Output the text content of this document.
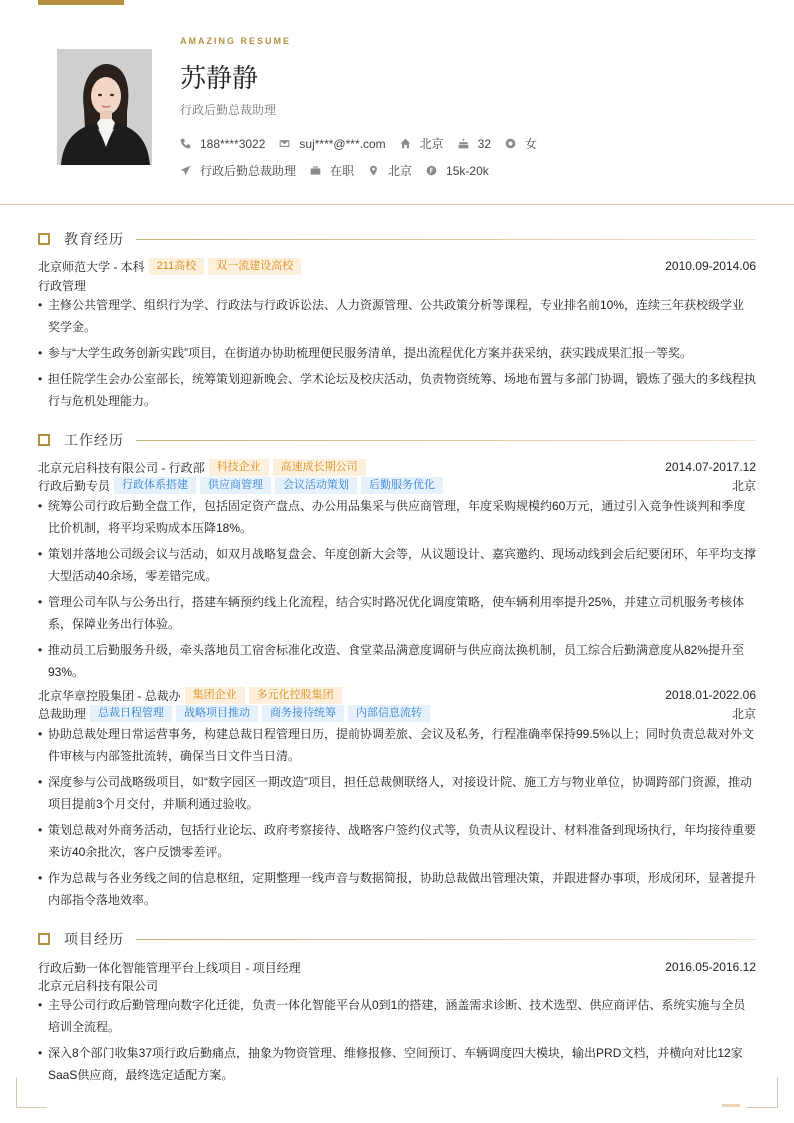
AMAZING RESUME
苏静静
行政后勤总裁助理
188****3022	suj****@***.com	北京	32	女
行政后勤总裁助理	在职	北京	15k-20k
教育经历
北京师范大学 - 本科	211高校	双一流建设高校	2010.09-2014.06
行政管理
• 主修公共管理学、组织行为学、行政法与行政诉讼法、人力资源管理、公共政策分析等课程，专业排名前10%，连续三年获校级学业奖学金。
• 参与“大学生政务创新实践”项目，在街道办协助梳理便民服务清单，提出流程优化方案并获采纳，获实践成果汇报一等奖。
• 担任院学生会办公室部长，统筹策划迎新晚会、学术论坛及校庆活动，负责物资统筹、场地布置与多部门协调，锻炼了强大的多线程执行与危机处理能力。
工作经历
北京元启科技有限公司 - 行政部	科技企业	高速成长期公司	2014.07-2017.12
行政后勤专员	行政体系搭建	供应商管理	会议活动策划	后勤服务优化	北京
• 统筹公司行政后勤全盘工作，包括固定资产盘点、办公用品集采与供应商管理，年度采购规模约60万元，通过引入竞争性谈判和季度比价机制，将平均采购成本压降18%。
• 策划并落地公司级会议与活动，如双月战略复盘会、年度创新大会等，从议题设计、嘉宾邀约、现场动线到会后纪要闭环，年平均支撑大型活动40余场，零差错完成。
• 管理公司车队与公务出行，搭建车辆预约线上化流程，结合实时路况优化调度策略，使车辆利用率提升25%，并建立司机服务考核体系，保障业务出行体验。
• 推动员工后勤服务升级，牵头落地员工宿舍标准化改造、食堂菜品满意度调研与供应商汰换机制，员工综合后勤满意度从82%提升至93%。
北京华章控股集团 - 总裁办	集团企业	多元化控股集团	2018.01-2022.06
总裁助理	总裁日程管理	战略项目推动	商务接待统筹	内部信息流转	北京
• 协助总裁处理日常运营事务，构建总裁日程管理日历，提前协调差旅、会议及私务，行程准确率保持99.5%以上；同时负责总裁对外文件审核与内部签批流转，确保当日文件当日清。
• 深度参与公司战略级项目，如“数字园区一期改造”项目，担任总裁侧联络人，对接设计院、施工方与物业单位，协调跨部门资源，推动项目提前3个月交付，并顺利通过验收。
• 策划总裁对外商务活动，包括行业论坛、政府考察接待、战略客户签约仪式等，负责从议程设计、材料准备到现场执行，年均接待重要来访40余批次，客户反馈零差评。
• 作为总裁与各业务线之间的信息枢纽，定期整理一线声音与数据简报，协助总裁做出管理决策，并跟进督办事项，形成闭环，显著提升内部指令落地效率。
项目经历
行政后勤一体化智能管理平台上线项目 - 项目经理	2016.05-2016.12
北京元启科技有限公司
• 主导公司行政后勤管理向数字化迁徙，负责一体化智能平台从0到1的搭建，涵盖需求诊断、技术选型、供应商评估、系统实施与全员培训全流程。
• 深入8个部门收集37项行政后勤痛点，抽象为物资管理、维修报修、空间预订、车辆调度四大模块，输出PRD文档，并横向对比12家SaaS供应商，最终选定适配方案。
